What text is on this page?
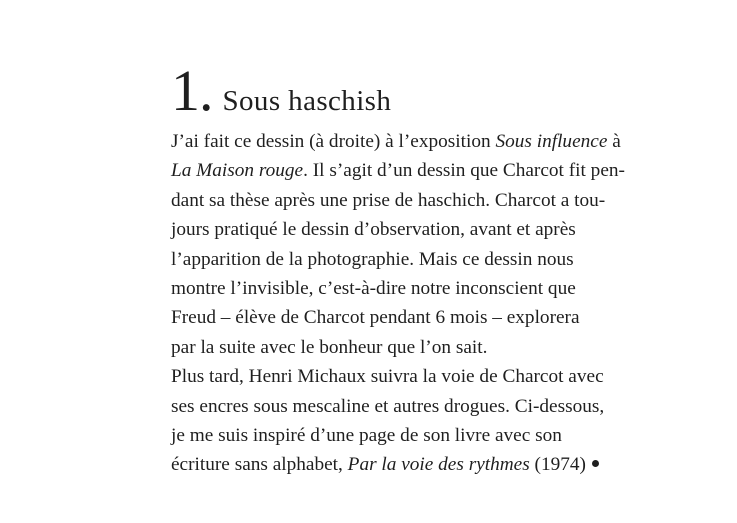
1. Sous haschish
J’ai fait ce dessin (à droite) à l’exposition Sous influence à
La Maison rouge. Il s’agit d’un dessin que Charcot fit pen-
dant sa thèse après une prise de haschich. Charcot a tou-
jours pratiqué le dessin d’observation, avant et après
l’apparition de la photographie. Mais ce dessin nous
montre l’invisible, c’est-à-dire notre inconscient que
Freud – élève de Charcot pendant 6 mois – explorera
par la suite avec le bonheur que l’on sait.
Plus tard, Henri Michaux suivra la voie de Charcot avec
ses encres sous mescaline et autres drogues. Ci-dessous,
je me suis inspiré d’une page de son livre avec son
écriture sans alphabet, Par la voie des rythmes (1974)
